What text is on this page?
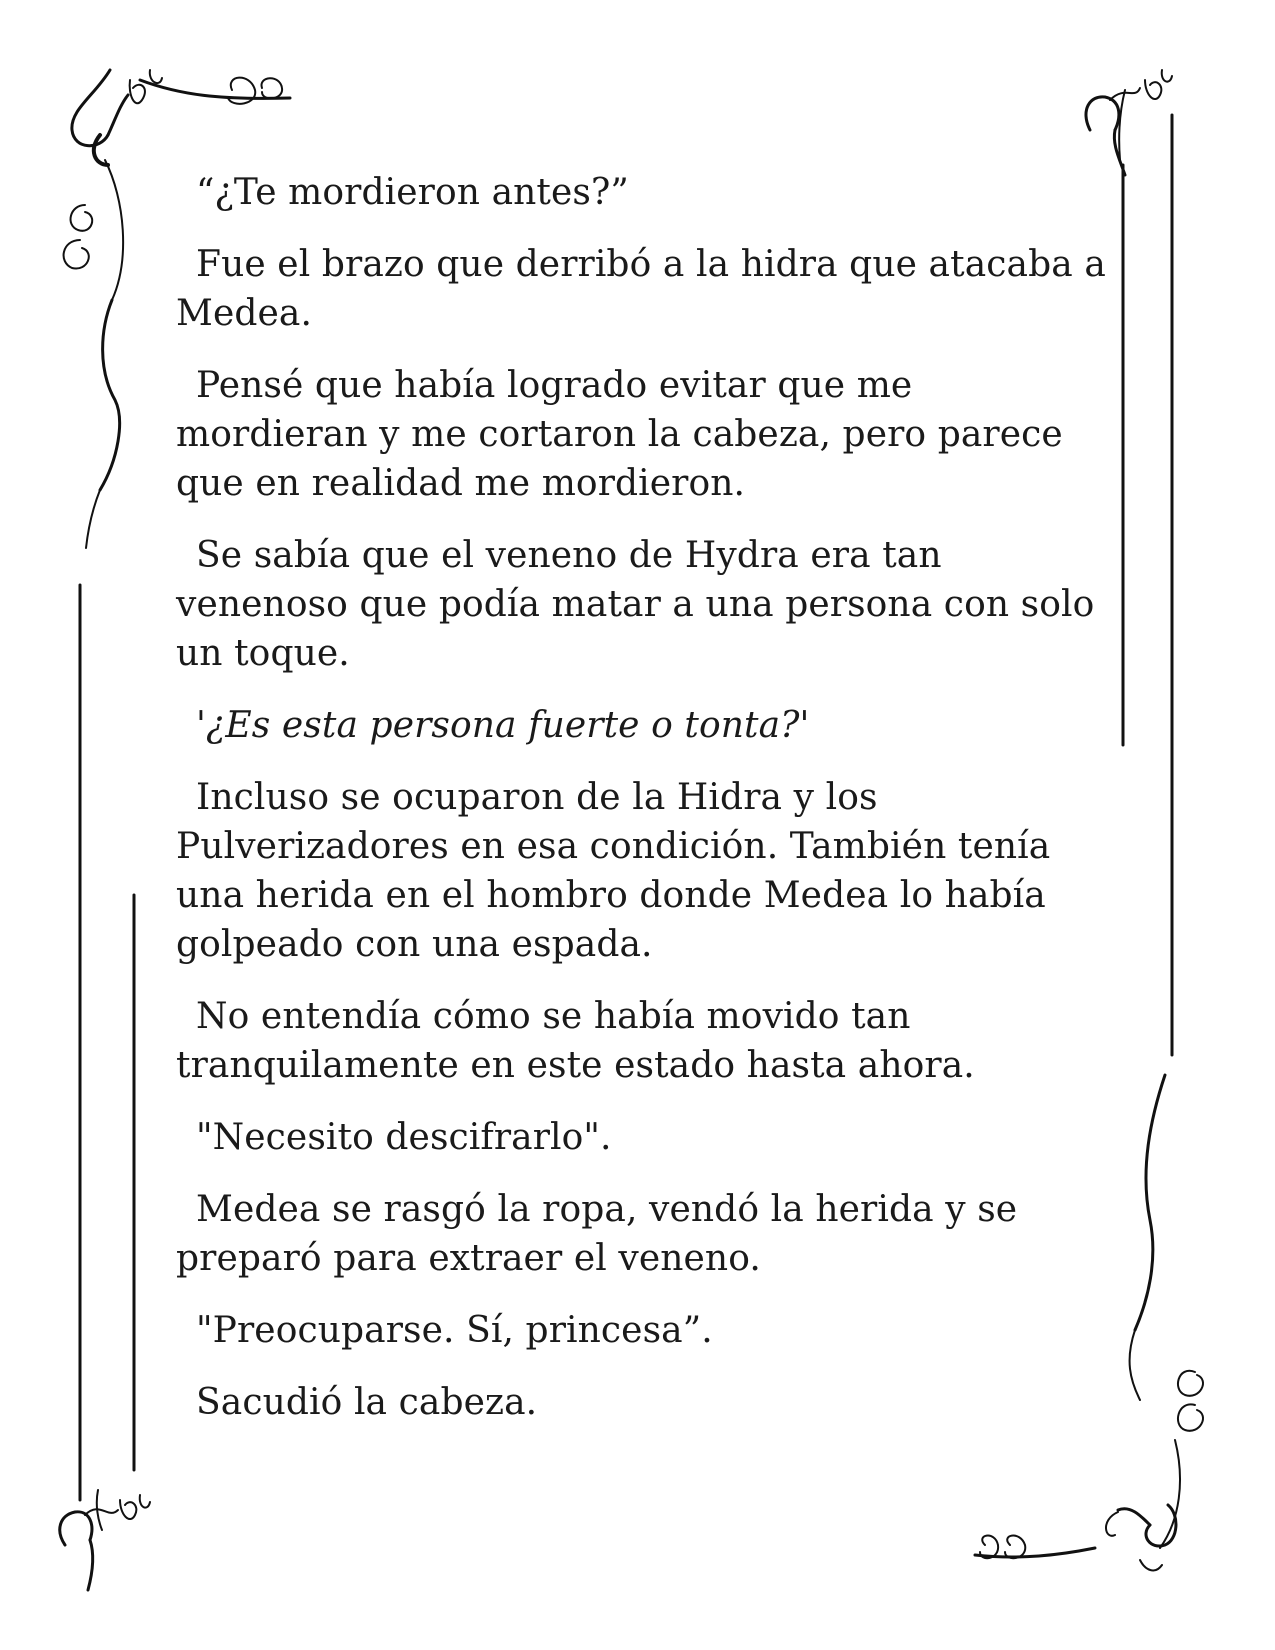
“¿Te mordieron antes?”

Fue el brazo que derribó a la hidra que atacaba a Medea.

Pensé que había logrado evitar que me mordieran y me cortaron la cabeza, pero parece que en realidad me mordieron.

Se sabía que el veneno de Hydra era tan venenoso que podía matar a una persona con solo un toque.

'¿Es esta persona fuerte o tonta?'

Incluso se ocuparon de la Hidra y los Pulverizadores en esa condición. También tenía una herida en el hombro donde Medea lo había golpeado con una espada.

No entendía cómo se había movido tan tranquilamente en este estado hasta ahora.

"Necesito descifrarlo".

Medea se rasgó la ropa, vendó la herida y se preparó para extraer el veneno.

"Preocuparse. Sí, princesa”.

Sacudió la cabeza.
